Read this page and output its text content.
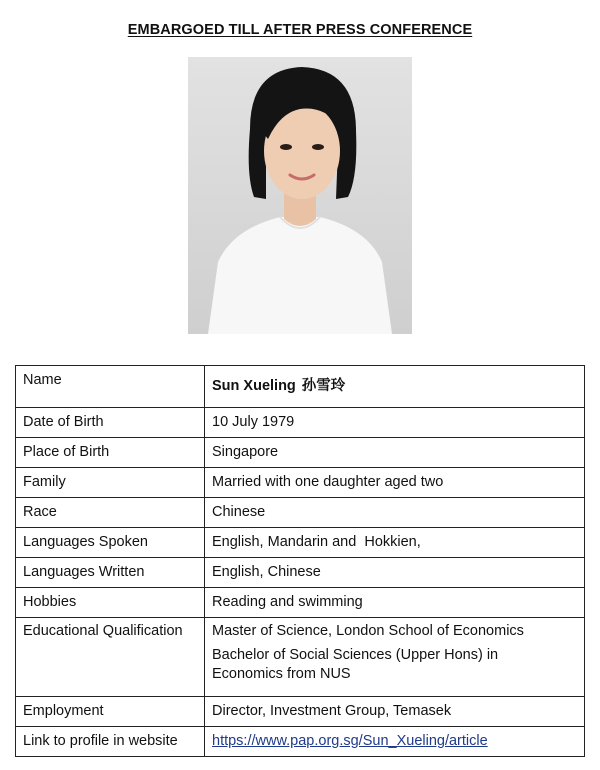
EMBARGOED TILL AFTER PRESS CONFERENCE
Name	Sun Xueling 孙雪玲
Date of Birth	10 July 1979
Place of Birth	Singapore
Family	Married with one daughter aged two
Race	Chinese
Languages Spoken	English, Mandarin and  Hokkien,
Languages Written	English, Chinese
Hobbies	Reading and swimming
Educational Qualification	Master of Science, London School of Economics
Bachelor of Social Sciences (Upper Hons) in
Economics from NUS

Employment	Director, Investment Group, Temasek
Link to profile in website	https://www.pap.org.sg/Sun_Xueling/article
